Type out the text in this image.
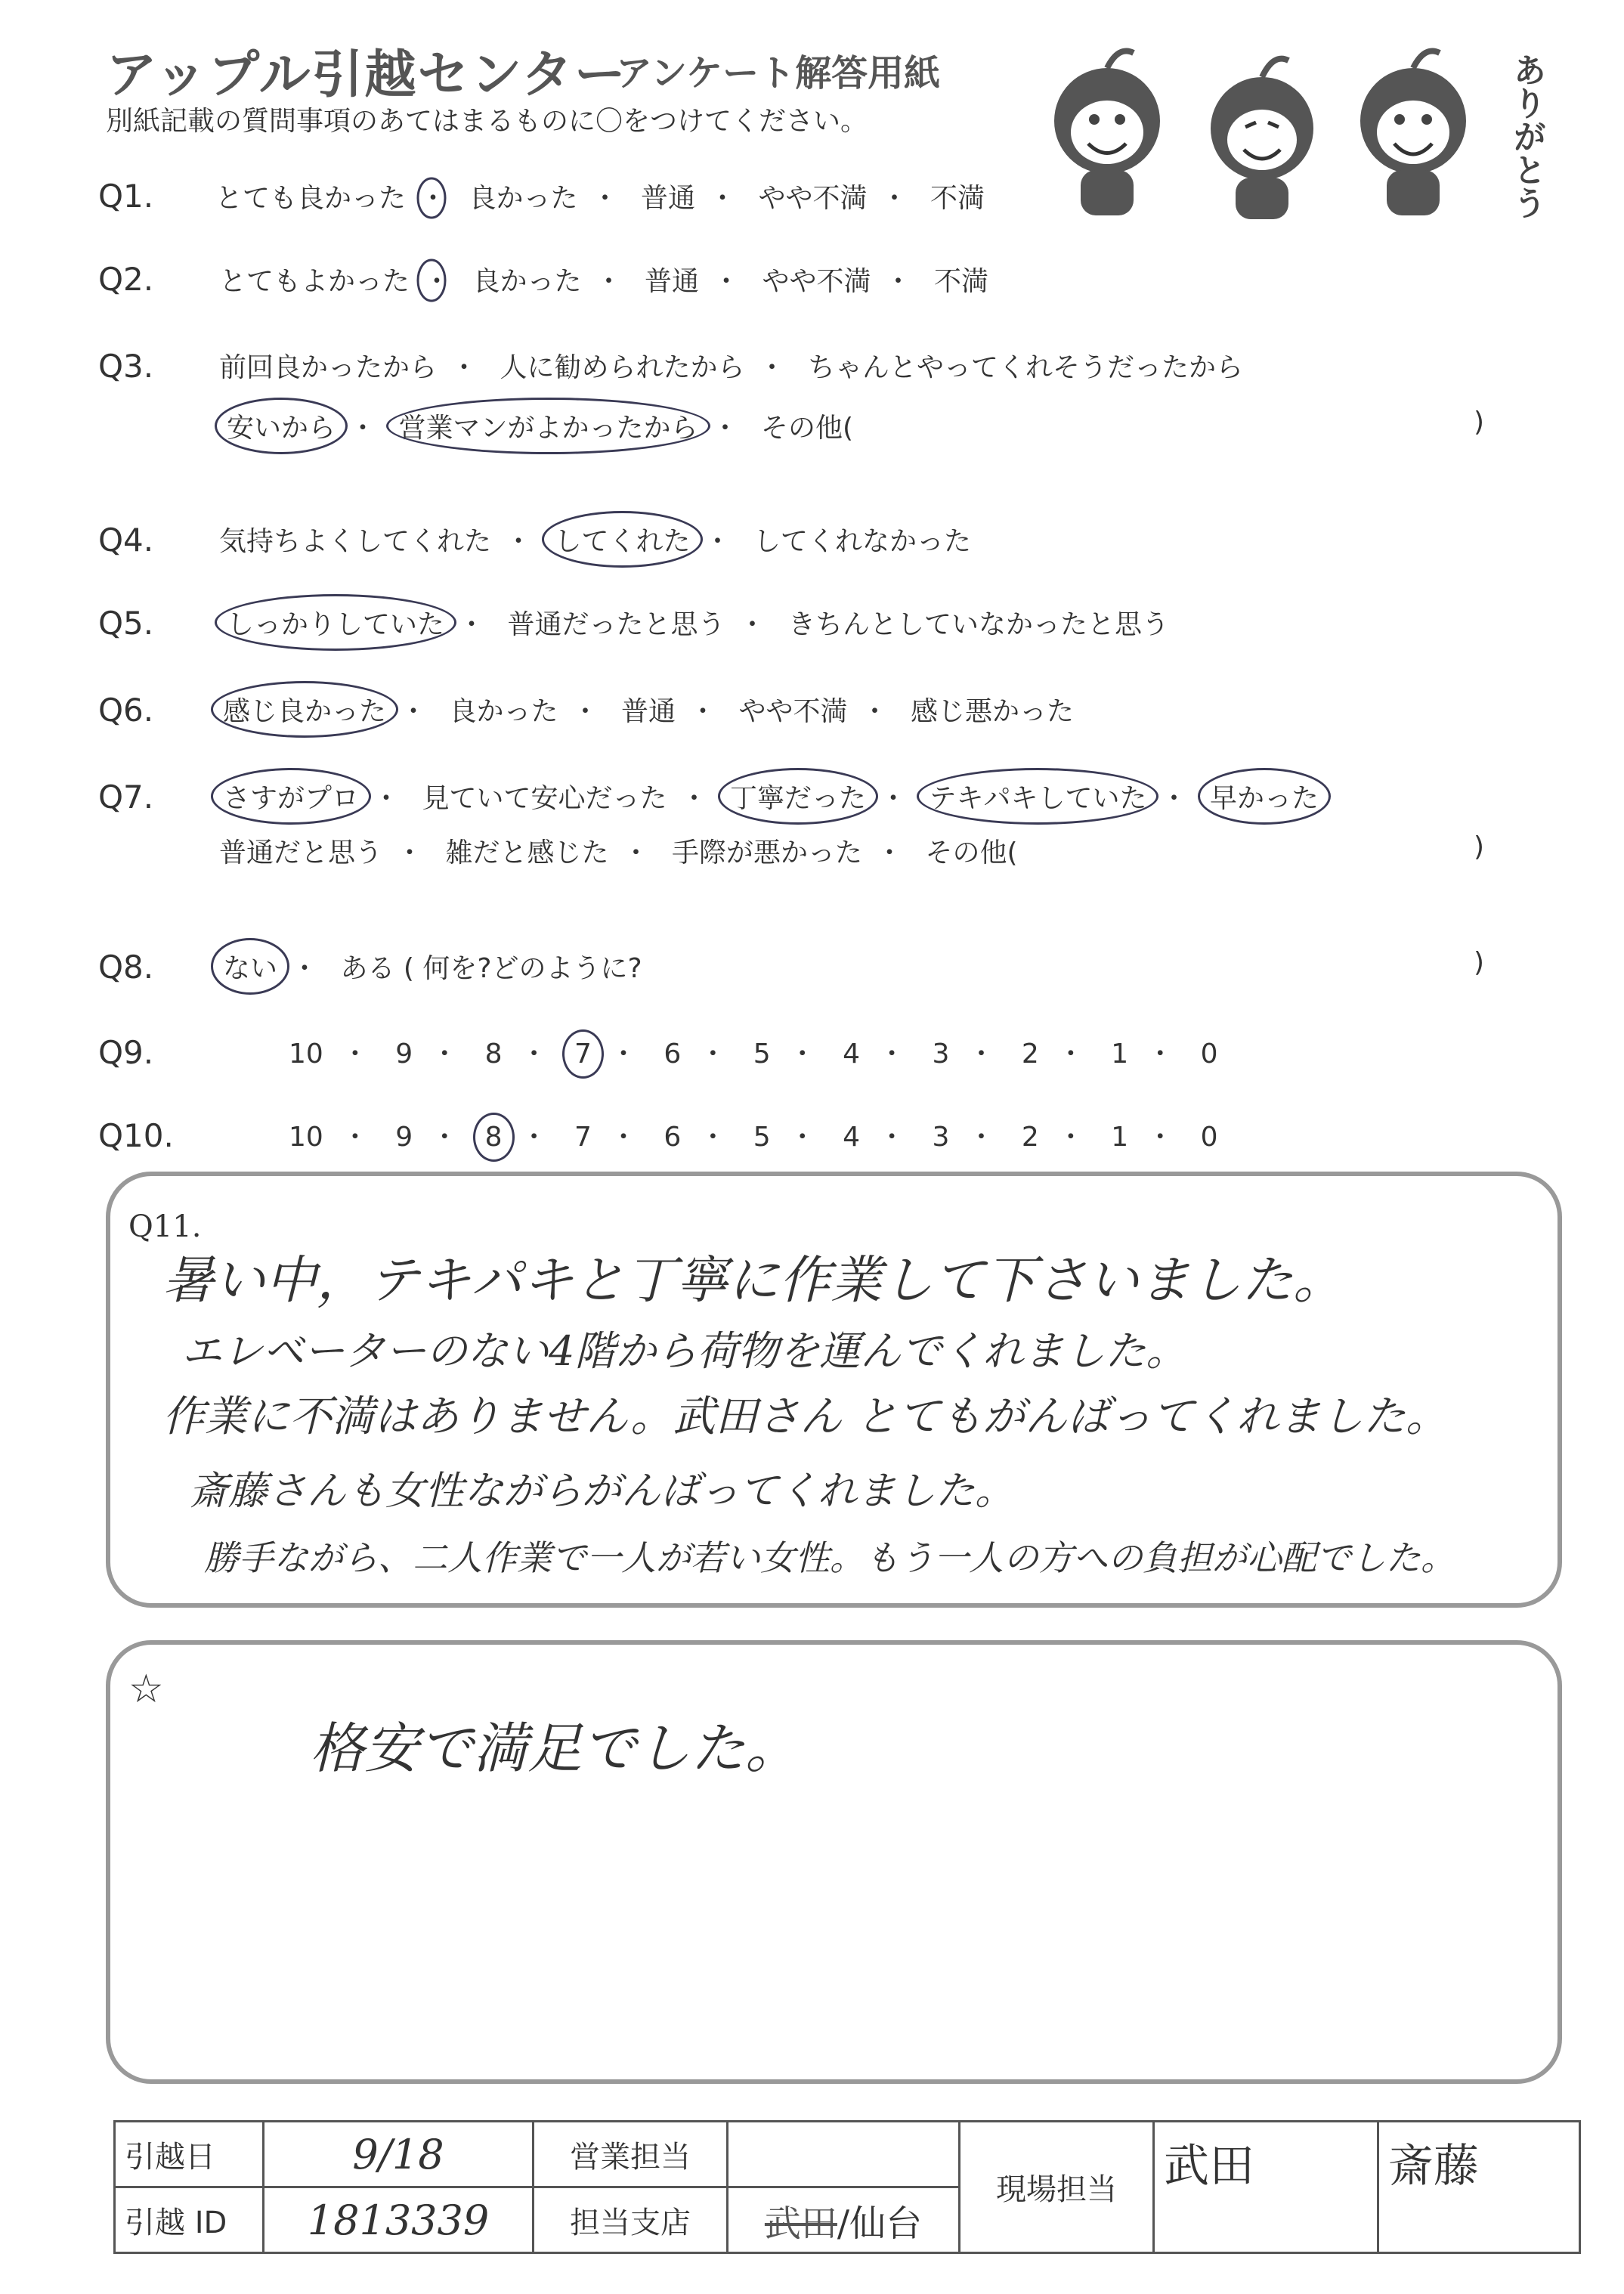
アップル引越センター
アンケート解答用紙
別紙記載の質問事項のあてはまるものに〇をつけてください。	ありがとう
Q1. とても良かった ・ 良かった ・ 普通 ・ やや不満 ・ 不満
Q2. とてもよかった ・ 良かった ・ 普通 ・ やや不満 ・ 不満
Q3. 前回良かったから ・ 人に勧められたから ・ ちゃんとやってくれそうだったから
安いから ・ 営業マンがよかったから ・ その他(	)
Q4. 気持ちよくしてくれた ・ してくれた ・ してくれなかった
Q5.	しっかりしていた ・ 普通だったと思う ・ きちんとしていなかったと思う
Q6.	感じ良かった ・ 良かった ・ 普通 ・ やや不満 ・ 感じ悪かった
Q7.	さすがプロ ・ 見ていて安心だった ・ 丁寧だった ・ テキパキしていた ・ 早かった
普通だと思う ・ 雑だと感じた ・ 手際が悪かった ・ その他(	)
Q8.	ない ・ ある ( 何を?どのように?	)
Q9.	10 ・ 9 ・ 8 ・ 7 ・ 6 ・ 5 ・ 4 ・ 3 ・ 2 ・ 1 ・ 0
Q10.	10 ・ 9 ・ 8 ・ 7 ・ 6 ・ 5 ・ 4 ・ 3 ・ 2 ・ 1 ・ 0
Q11.
暑い中，テキパキと丁寧に作業して下さいました。
エレベーターのない4階から荷物を運んでくれました。
作業に不満はありません。武田さん とてもがんばってくれました。
斎藤さんも女性ながらがんばってくれました。
勝手ながら、二人作業で一人が若い女性。もう一人の方への負担が心配でした。
☆
格安で満足でした。
引越日	9/18	営業担当		現場担当	武田	斎藤
引越 ID	1813339	担当支店	武田/仙台			
